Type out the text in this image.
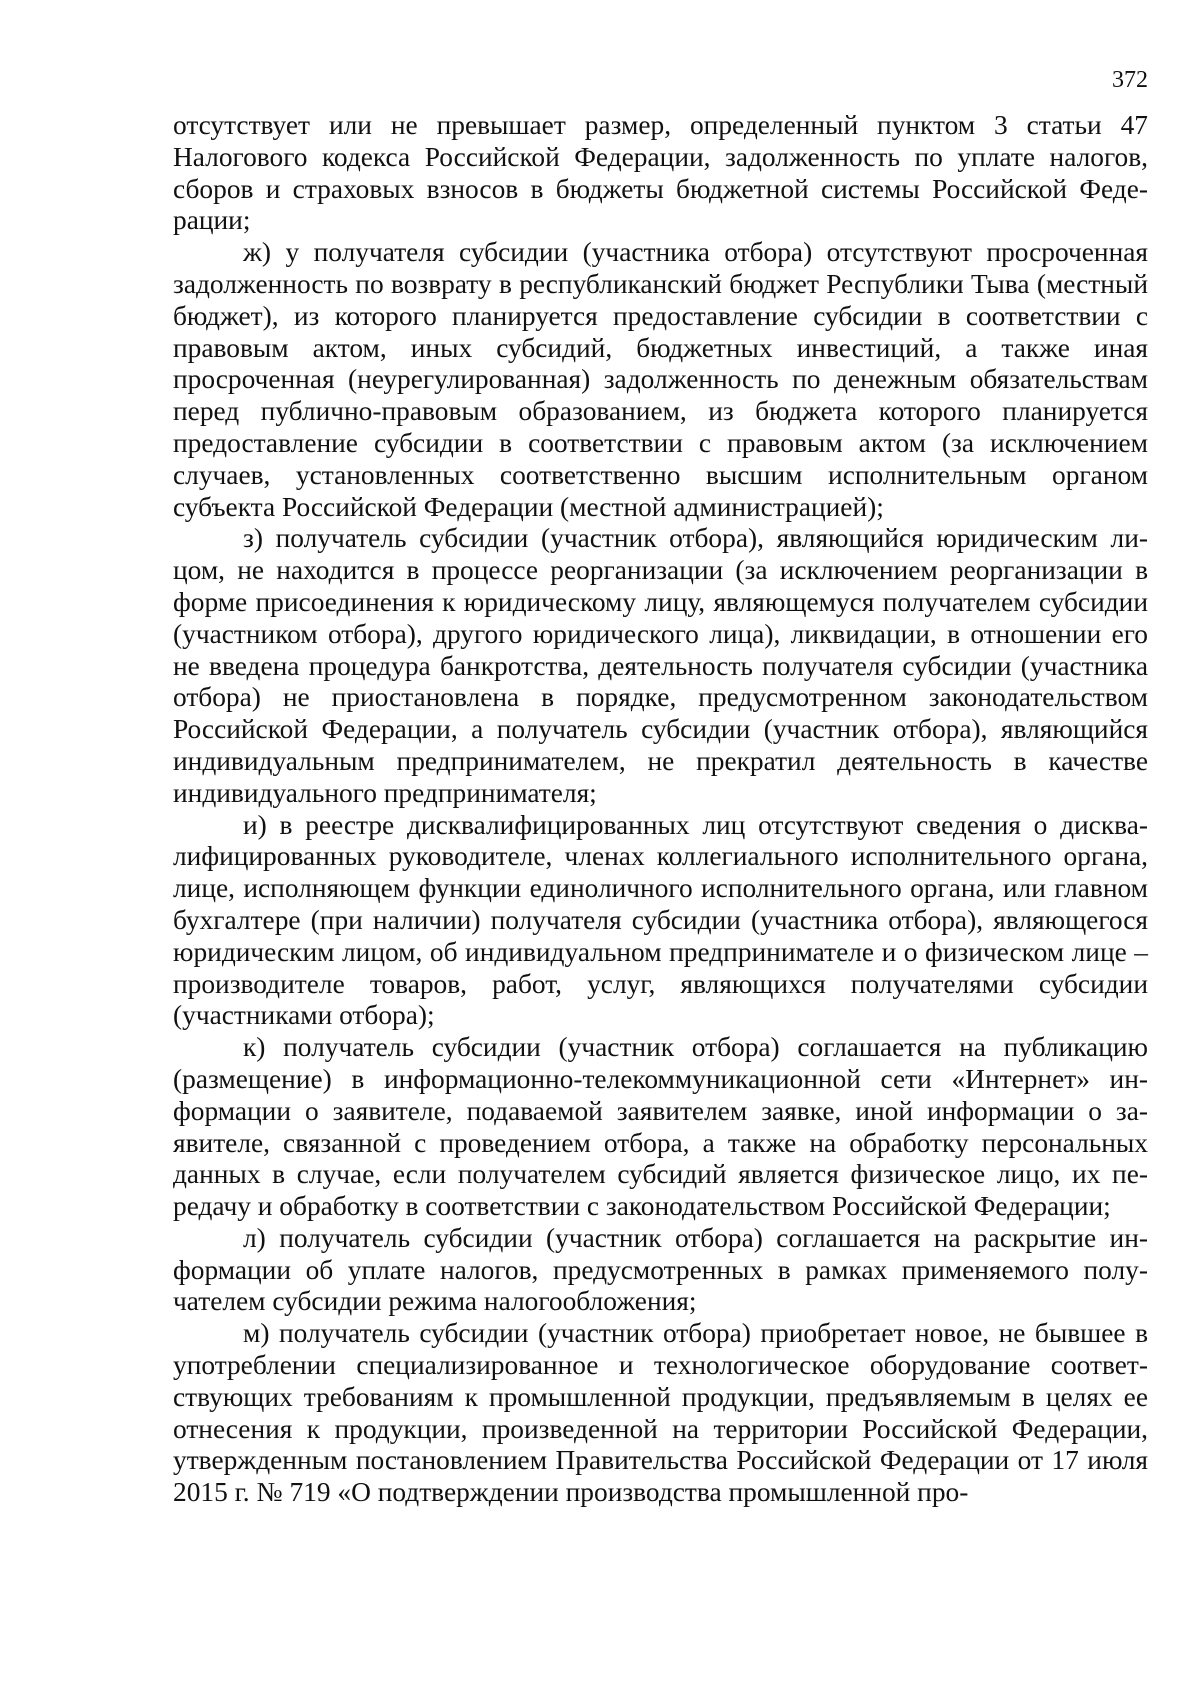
372

отсутствует или не превышает размер, определенный пунктом 3 статьи 47 Налогового кодекса Российской Федерации, задолженность по уплате налогов, сборов и страховых взносов в бюджеты бюджетной системы Российской Федерации;

ж) у получателя субсидии (участника отбора) отсутствуют просроченная задолженность по возврату в республиканский бюджет Республики Тыва (местный бюджет), из которого планируется предоставление субсидии в соответствии с правовым актом, иных субсидий, бюджетных инвестиций, а также иная просроченная (неурегулированная) задолженность по денежным обязательствам перед публично-правовым образованием, из бюджета которого планируется предоставление субсидии в соответствии с правовым актом (за исключением случаев, установленных соответственно высшим исполнительным органом субъекта Российской Федерации (местной администрацией);

з) получатель субсидии (участник отбора), являющийся юридическим лицом, не находится в процессе реорганизации (за исключением реорганизации в форме присоединения к юридическому лицу, являющемуся получателем субсидии (участником отбора), другого юридического лица), ликвидации, в отношении его не введена процедура банкротства, деятельность получателя субсидии (участника отбора) не приостановлена в порядке, предусмотренном законодательством Российской Федерации, а получатель субсидии (участник отбора), являющийся индивидуальным предпринимателем, не прекратил деятельность в качестве индивидуального предпринимателя;

и) в реестре дисквалифицированных лиц отсутствуют сведения о дисквалифицированных руководителе, членах коллегиального исполнительного органа, лице, исполняющем функции единоличного исполнительного органа, или главном бухгалтере (при наличии) получателя субсидии (участника отбора), являющегося юридическим лицом, об индивидуальном предпринимателе и о физическом лице – производителе товаров, работ, услуг, являющихся получателями субсидии (участниками отбора);

к) получатель субсидии (участник отбора) соглашается на публикацию (размещение) в информационно-телекоммуникационной сети «Интернет» информации о заявителе, подаваемой заявителем заявке, иной информации о заявителе, связанной с проведением отбора, а также на обработку персональных данных в случае, если получателем субсидий является физическое лицо, их передачу и обработку в соответствии с законодательством Российской Федерации;

л) получатель субсидии (участник отбора) соглашается на раскрытие информации об уплате налогов, предусмотренных в рамках применяемого получателем субсидии режима налогообложения;

м) получатель субсидии (участник отбора) приобретает новое, не бывшее в употреблении специализированное и технологическое оборудование соответствующих требованиям к промышленной продукции, предъявляемым в целях ее отнесения к продукции, произведенной на территории Российской Федерации, утвержденным постановлением Правительства Российской Федерации от 17 июля 2015 г. № 719 «О подтверждении производства промышленной про-
